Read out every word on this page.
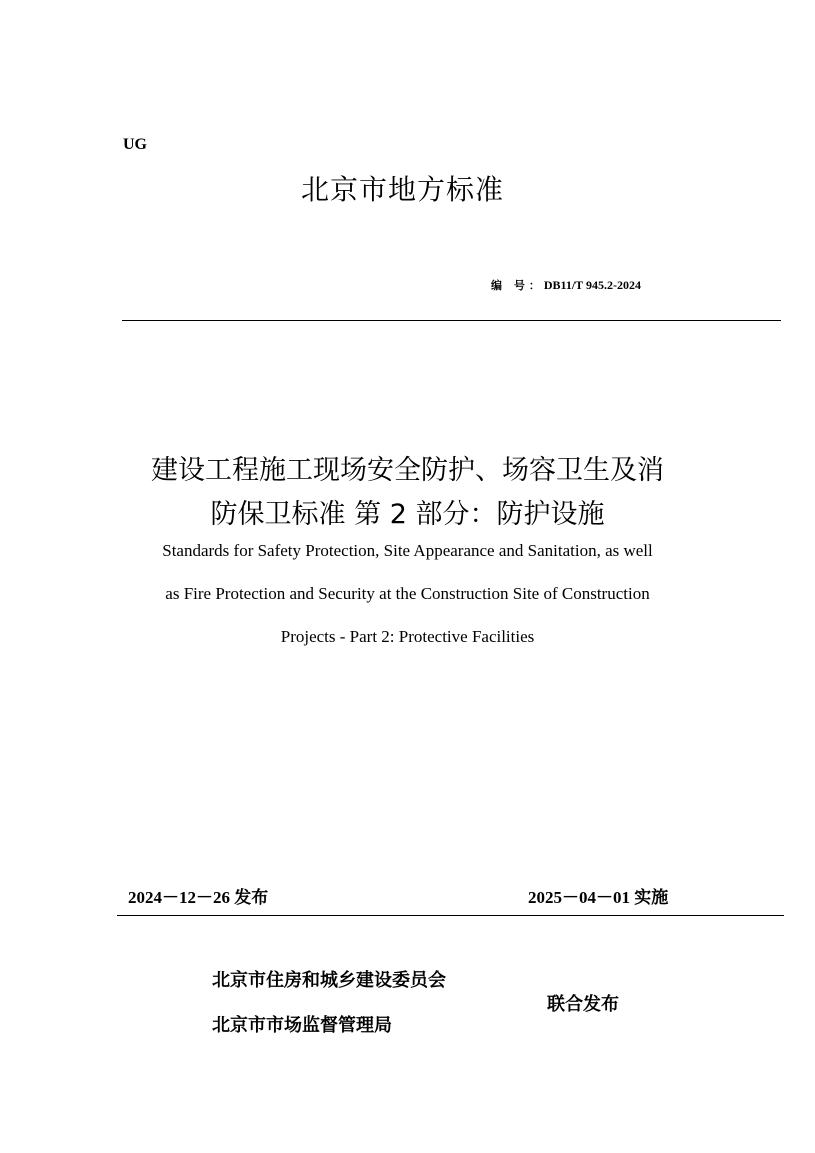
UG

北京市地方标准

编 号：DB11/T 945.2-2024

建设工程施工现场安全防护、场容卫生及消
防保卫标准 第 2 部分：防护设施
Standards for Safety Protection, Site Appearance and Sanitation, as well
as Fire Protection and Security at the Construction Site of Construction
Projects - Part 2: Protective Facilities

2024－12－26 发布	2025－04－01 实施

北京市住房和城乡建设委员会

北京市市场监督管理局

联合发布
